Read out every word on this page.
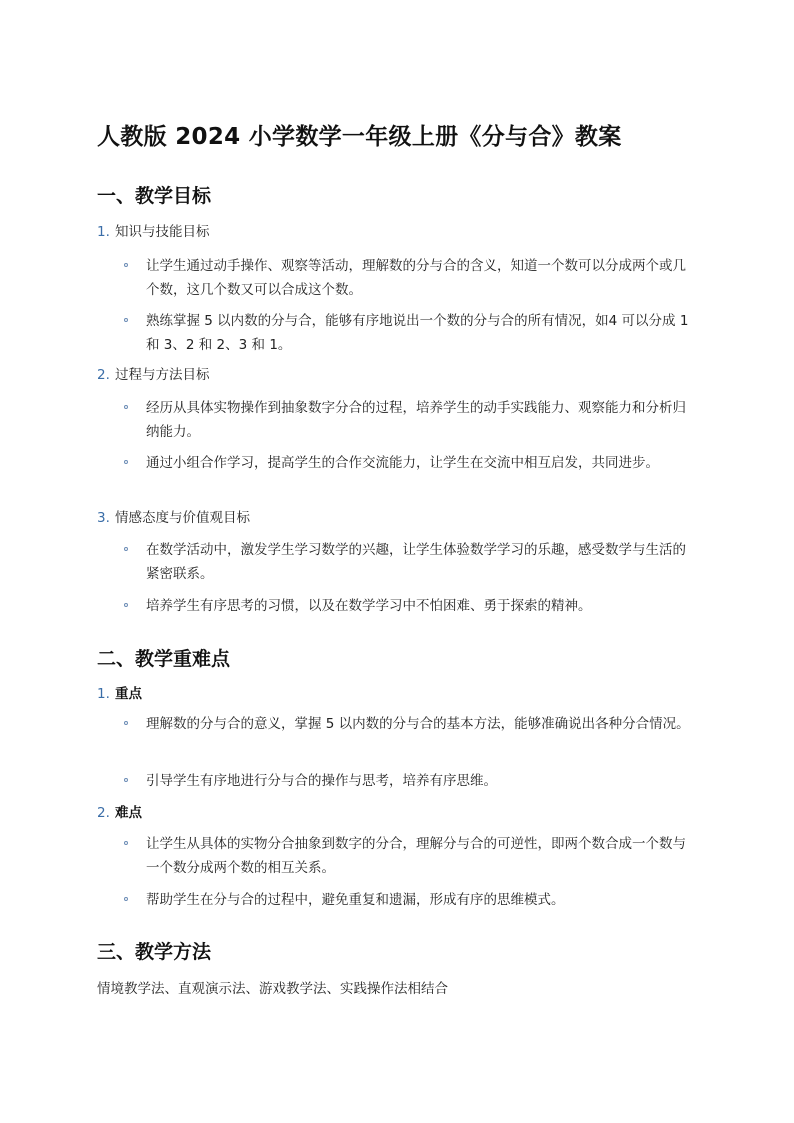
人教版 2024 小学数学一年级上册《分与合》教案
一、教学目标
1. 知识与技能目标
让学生通过动手操作、观察等活动，理解数的分与合的含义，知道一个数可以分成两个或几个数，这几个数又可以合成这个数。
熟练掌握 5 以内数的分与合，能够有序地说出一个数的分与合的所有情况，如4 可以分成 1 和 3、2 和 2、3 和 1。
2. 过程与方法目标
经历从具体实物操作到抽象数字分合的过程，培养学生的动手实践能力、观察能力和分析归纳能力。
通过小组合作学习，提高学生的合作交流能力，让学生在交流中相互启发，共同进步。
3. 情感态度与价值观目标
在数学活动中，激发学生学习数学的兴趣，让学生体验数学学习的乐趣，感受数学与生活的紧密联系。
培养学生有序思考的习惯，以及在数学学习中不怕困难、勇于探索的精神。
二、教学重难点
1. 重点
理解数的分与合的意义，掌握 5 以内数的分与合的基本方法，能够准确说出各种分合情况。
引导学生有序地进行分与合的操作与思考，培养有序思维。
2. 难点
让学生从具体的实物分合抽象到数字的分合，理解分与合的可逆性，即两个数合成一个数与一个数分成两个数的相互关系。
帮助学生在分与合的过程中，避免重复和遗漏，形成有序的思维模式。
三、教学方法
情境教学法、直观演示法、游戏教学法、实践操作法相结合
